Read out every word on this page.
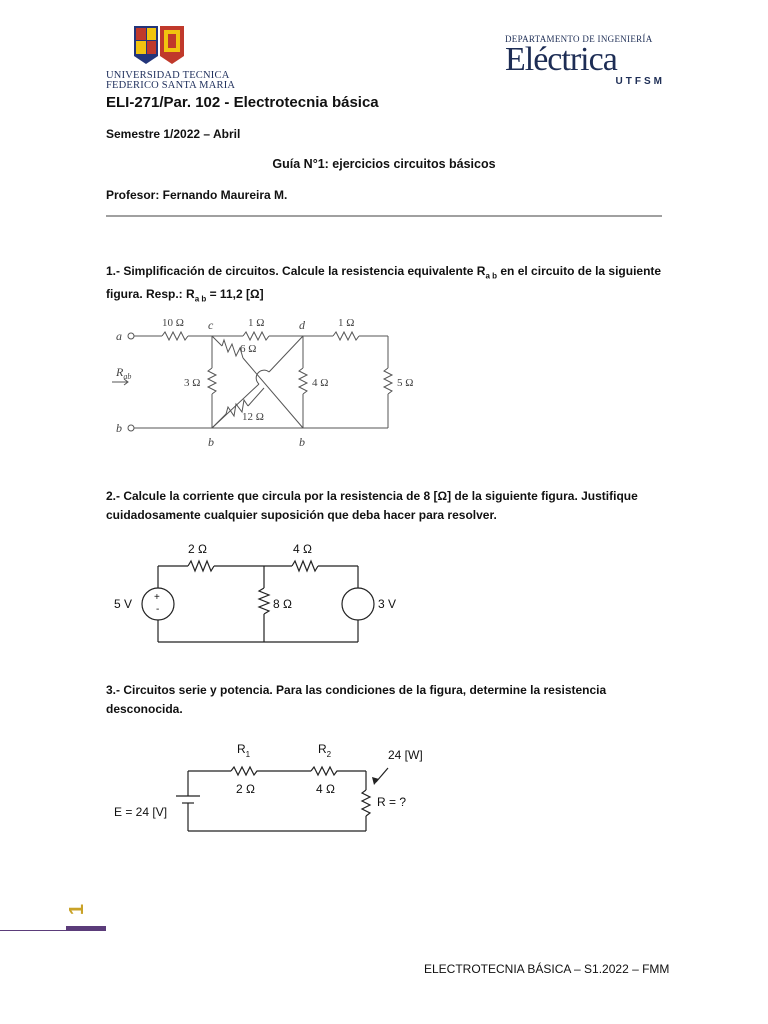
UNIVERSIDAD TECNICA
FEDERICO SANTA MARIA
DEPARTAMENTO DE INGENIERÍA
Eléctrica
UTFSM
ELI-271/Par. 102 - Electrotecnia básica
Semestre 1/2022 – Abril
Guía N°1: ejercicios circuitos básicos
Profesor: Fernando Maureira M.
1.- Simplificación de circuitos. Calcule la resistencia equivalente $R_{a b}$ en el circuito de la siguiente figura. Resp.: $R_{a b} = 11,2$ [Ω]
a
b
c	d
b	b
$R_{ab}$
10 Ω	1 Ω	1 Ω
6 Ω
3 Ω	4 Ω	5 Ω
12 Ω
2.- Calcule la corriente que circula por la resistencia de 8 [Ω] de la siguiente figura. Justifique cuidadosamente cualquier suposición que deba hacer para resolver.
2 Ω	4 Ω
8 Ω
5 V	3 V
+
-
3.- Circuitos serie y potencia. Para las condiciones de la figura, determine la resistencia desconocida.
$R_1$	$R_2$
2 Ω	4 Ω
24 [W]
R = ?
E = 24 [V]
1
ELECTROTECNIA BÁSICA – S1.2022 – FMM
